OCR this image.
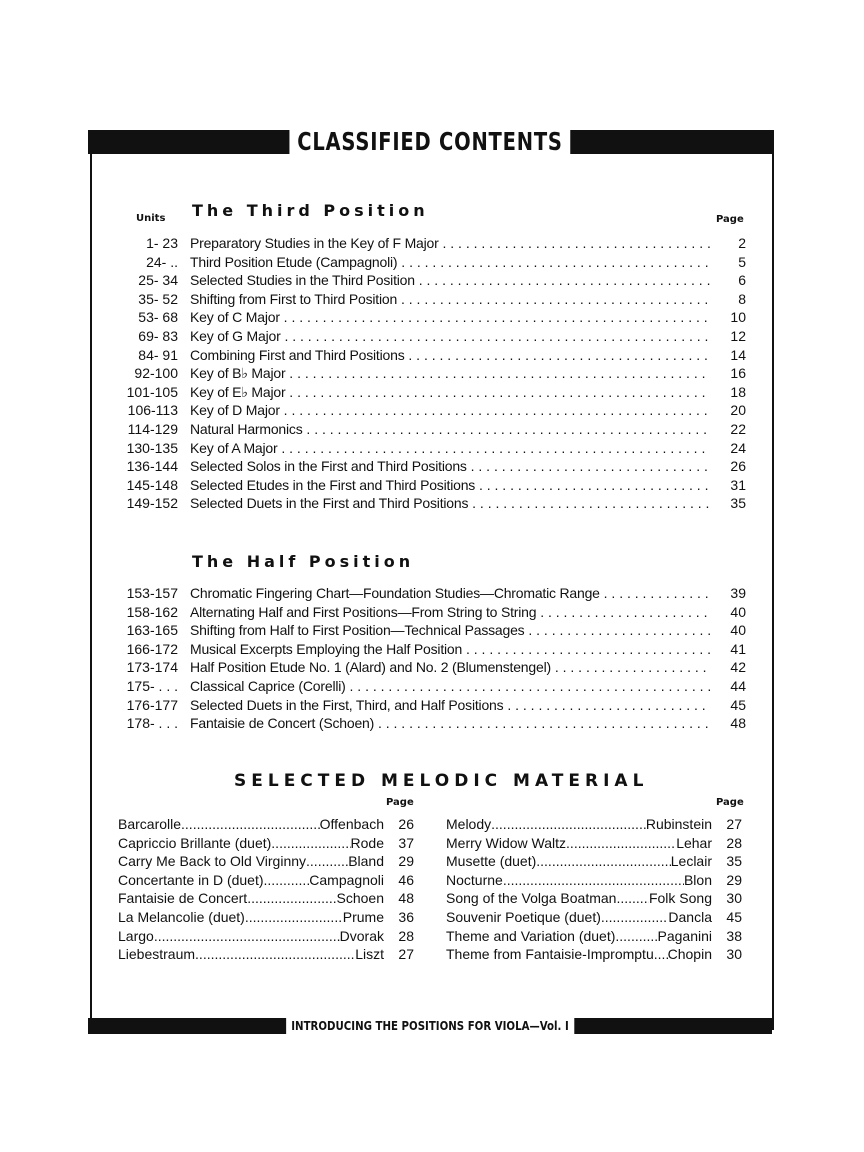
CLASSIFIED CONTENTS
The Third Position
Units	Page
1- 23 Preparatory Studies in the Key of F Major . . .	2
24- .. Third Position Etude (Campagnoli) . . .	5
25- 34 Selected Studies in the Third Position . . .	6
35- 52 Shifting from First to Third Position . . .	8
53- 68 Key of C Major . . .	10
69- 83 Key of G Major . . .	12
84- 91 Combining First and Third Positions . . .	14
92-100 Key of B♭ Major . . .	16
101-105 Key of E♭ Major . . .	18
106-113 Key of D Major . . .	20
114-129 Natural Harmonics . . .	22
130-135 Key of A Major . . .	24
136-144 Selected Solos in the First and Third Positions . . .	26
145-148 Selected Etudes in the First and Third Positions . . .	31
149-152 Selected Duets in the First and Third Positions . . .	35
The Half Position
153-157 Chromatic Fingering Chart—Foundation Studies—Chromatic Range . . .	39
158-162 Alternating Half and First Positions—From String to String . . .	40
163-165 Shifting from Half to First Position—Technical Passages . . .	40
166-172 Musical Excerpts Employing the Half Position . . .	41
173-174 Half Position Etude No. 1 (Alard) and No. 2 (Blumenstengel) . . .	42
175- . . . Classical Caprice (Corelli) . . .	44
176-177 Selected Duets in the First, Third, and Half Positions . . .	45
178- . . . Fantaisie de Concert (Schoen) . . .	48
SELECTED MELODIC MATERIAL
Page	Page
Barcarolle .....	Offenbach	26
Capriccio Brillante (duet) .....	Rode	37
Carry Me Back to Old Virginny .....	Bland	29
Concertante in D (duet) .....	Campagnoli	46
Fantaisie de Concert .....	Schoen	48
La Melancolie (duet) .....	Prume	36
Largo .....	Dvorak	28
Liebestraum .....	Liszt	27
Melody .....	Rubinstein	27
Merry Widow Waltz .....	Lehar	28
Musette (duet) .....	Leclair	35
Nocturne .....	Blon	29
Song of the Volga Boatman ..... Folk Song	30
Souvenir Poetique (duet) .....	Dancla	45
Theme and Variation (duet) .....	Paganini	38
Theme from Fantaisie-Impromptu ..... Chopin	30
INTRODUCING THE POSITIONS FOR VIOLA—Vol. I
